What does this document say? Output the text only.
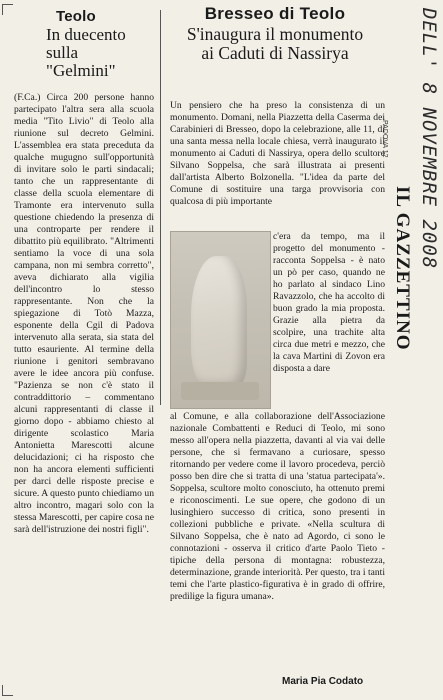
Teolo
In duecento
sulla "Gelmini"
(F.Ca.) Circa 200 persone hanno partecipato l'altra sera alla scuola media "Tito Livio" di Teolo alla riunione sul decreto Gelmini. L'assemblea era stata preceduta da qualche mugugno sull'opportunità di invitare solo le parti sindacali; tanto che un rappresentante di classe della scuola elementare di Tramonte era intervenuto sulla questione chiedendo la presenza di una controparte per rendere il dibattito più equilibrato. "Altrimenti sentiamo la voce di una sola campana, non mi sembra corretto", aveva dichiarato alla vigilia dell'incontro lo stesso rappresentante. Non che la spiegazione di Totò Mazza, esponente della Cgil di Padova intervenuto alla serata, sia stata del tutto esauriente. Al termine della riunione i genitori sembravano avere le idee ancora più confuse. "Pazienza se non c'è stato il contraddittorio – commentano alcuni rappresentanti di classe il giorno dopo - abbiamo chiesto al dirigente scolastico Maria Antonietta Marescotti alcune delucidazioni; ci ha risposto che non ha ancora elementi sufficienti per darci delle risposte precise e sicure. A questo punto chiediamo un altro incontro, magari solo con la stessa Marescotti, per capire cosa ne sarà dell'istruzione dei nostri figli".
Bresseo di Teolo
S'inaugura il monumento
ai Caduti di Nassirya
Un pensiero che ha preso la consistenza di un monumento. Domani, nella Piazzetta della Caserma dei Carabinieri di Bresseo, dopo la celebrazione, alle 11, di una santa messa nella locale chiesa, verrà inaugurato il monumento ai Caduti di Nassirya, opera dello scultore Silvano Soppelsa, che sarà illustrata ai presenti dall'artista Alberto Bolzonella. "L'idea da parte del Comune di sostituire una targa provvisoria con qualcosa di più importante
c'era da tempo, ma il progetto del monumento - racconta Soppelsa - è nato un pò per caso, quando ne ho parlato al sindaco Lino Ravazzolo, che ha accolto di buon grado la mia proposta. Grazie alla pietra da scolpire, una trachite alta circa due metri e mezzo, che la cava Martini di Zovon era disposta a dare
al Comune, e alla collaborazione dell'Associazione nazionale Combattenti e Reduci di Teolo, mi sono messo all'opera nella piazzetta, davanti al via vai delle persone, che si fermavano a curiosare, spesso ritornando per vedere come il lavoro procedeva, perciò posso ben dire che si tratta di una 'statua partecipata'». Soppelsa, scultore molto conosciuto, ha ottenuto premi e riconoscimenti. Le sue opere, che godono di un lusinghiero successo di critica, sono presenti in collezioni pubbliche e private. «Nella scultura di Silvano Soppelsa, che è nato ad Agordo, ci sono le connotazioni - osserva il critico d'arte Paolo Tieto - tipiche della persona di montagna: robustezza, determinazione, grande interiorità. Per questo, tra i tanti temi che l'arte plastico-figurativa è in grado di offrire, predilige la figura umana».
Maria Pia Codato
PADOVA 12
IL GAZZETTINO DELL' 8 NOVEMBRE 2008
